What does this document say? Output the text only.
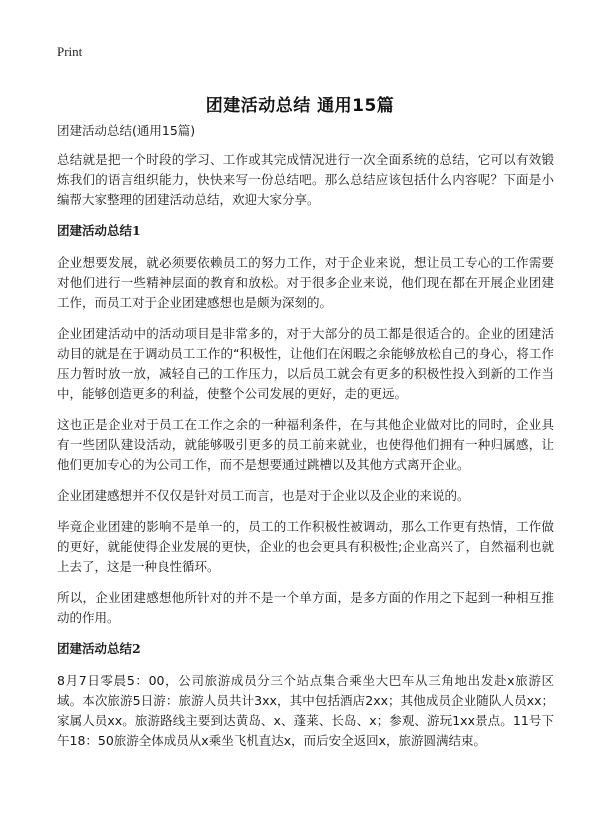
Print
团建活动总结 通用15篇

团建活动总结(通用15篇)

总结就是把一个时段的学习、工作或其完成情况进行一次全面系统的总结，它可以有效锻炼我们的语言组织能力，快快来写一份总结吧。那么总结应该包括什么内容呢？下面是小编帮大家整理的团建活动总结，欢迎大家分享。

团建活动总结1

企业想要发展，就必须要依赖员工的努力工作，对于企业来说，想让员工专心的工作需要对他们进行一些精神层面的教育和放松。对于很多企业来说，他们现在都在开展企业团建工作，而员工对于企业团建感想也是颇为深刻的。

企业团建活动中的活动项目是非常多的，对于大部分的员工都是很适合的。企业的团建活动目的就是在于调动员工工作的“积极性，让他们在闲暇之余能够放松自己的身心，将工作压力暂时放一放，减轻自己的工作压力，以后员工就会有更多的积极性投入到新的工作当中，能够创造更多的利益，使整个公司发展的更好，走的更远。

这也正是企业对于员工在工作之余的一种福利条件，在与其他企业做对比的同时，企业具有一些团队建设活动，就能够吸引更多的员工前来就业，也使得他们拥有一种归属感，让他们更加专心的为公司工作，而不是想要通过跳槽以及其他方式离开企业。

企业团建感想并不仅仅是针对员工而言，也是对于企业以及企业的来说的。

毕竟企业团建的影响不是单一的，员工的工作积极性被调动，那么工作更有热情，工作做的更好，就能使得企业发展的更快，企业的也会更具有积极性;企业高兴了，自然福利也就上去了，这是一种良性循环。

所以，企业团建感想他所针对的并不是一个单方面，是多方面的作用之下起到一种相互推动的作用。

团建活动总结2

8月7日零晨5：00，公司旅游成员分三个站点集合乘坐大巴车从三角地出发赴x旅游区域。本次旅游5日游：旅游人员共计3xx，其中包括酒店2xx；其他成员企业随队人员xx；家属人员xx。旅游路线主要到达黄岛、x、蓬莱、长岛、x；参观、游玩1xx景点。11号下午18：50旅游全体成员从x乘坐飞机直达x，而后安全返回x，旅游圆满结束。
